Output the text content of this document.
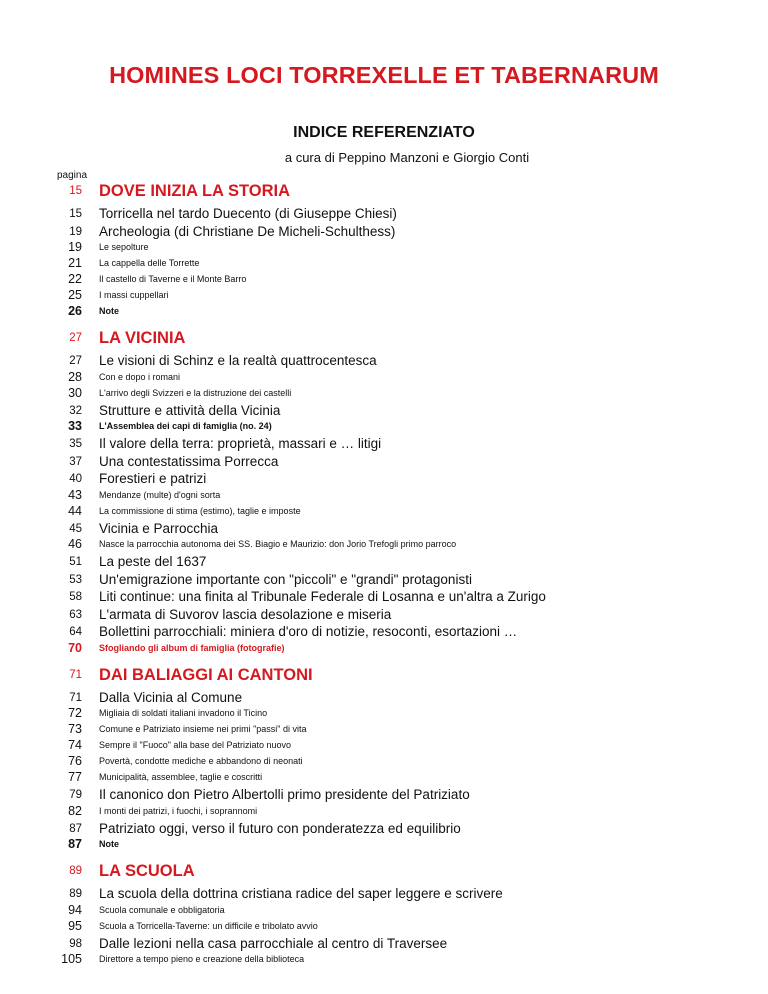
HOMINES LOCI TORREXELLE ET TABERNARUM
INDICE REFERENZIATO
a cura di Peppino Manzoni e Giorgio Conti
pagina
15 DOVE INIZIA LA STORIA
15 Torricella nel tardo Duecento (di Giuseppe Chiesi)
19 Archeologia (di Christiane De Micheli-Schulthess)
19 Le sepolture
21 La cappella delle Torrette
22 Il castello di Taverne e il Monte Barro
25 I massi cuppellari
26 Note
27 LA VICINIA
27 Le visioni di Schinz e la realtà quattrocentesca
28 Con e dopo i romani
30 L'arrivo degli Svizzeri e la distruzione dei castelli
32 Strutture e attività della Vicinia
33 L'Assemblea dei capi di famiglia (no. 24)
35 Il valore della terra: proprietà, massari e … litigi
37 Una contestatissima Porrecca
40 Forestieri e patrizi
43 Mendanze (multe) d'ogni sorta
44 La commissione di stima (estimo), taglie e imposte
45 Vicinia e Parrocchia
46 Nasce la parrocchia autonoma dei SS. Biagio e Maurizio: don Jorio Trefogli primo parroco
51 La peste del 1637
53 Un'emigrazione importante con "piccoli" e "grandi" protagonisti
58 Liti continue: una finita al Tribunale Federale di Losanna e un'altra a Zurigo
63 L'armata di Suvorov lascia desolazione e miseria
64 Bollettini parrocchiali: miniera d'oro di notizie, resoconti, esortazioni …
70 Sfogliando gli album di famiglia (fotografie)
71 DAI BALIAGGI AI CANTONI
71 Dalla Vicinia al Comune
72 Migliaia di soldati italiani invadono il Ticino
73 Comune e Patriziato insieme nei primi "passi" di vita
74 Sempre il "Fuoco" alla base del Patriziato nuovo
76 Povertà, condotte mediche e abbandono di neonati
77 Municipalità, assemblee, taglie e coscritti
79 Il canonico don Pietro Albertolli primo presidente del Patriziato
82 I monti dei patrizi, i fuochi, i soprannomi
87 Patriziato oggi, verso il futuro con ponderatezza ed equilibrio
87 Note
89 LA SCUOLA
89 La scuola della dottrina cristiana radice del saper leggere e scrivere
94 Scuola comunale e obbligatoria
95 Scuola a Torricella-Taverne: un difficile e tribolato avvio
98 Dalle lezioni nella casa parrocchiale al centro di Traversee
105 Direttore a tempo pieno e creazione della biblioteca
